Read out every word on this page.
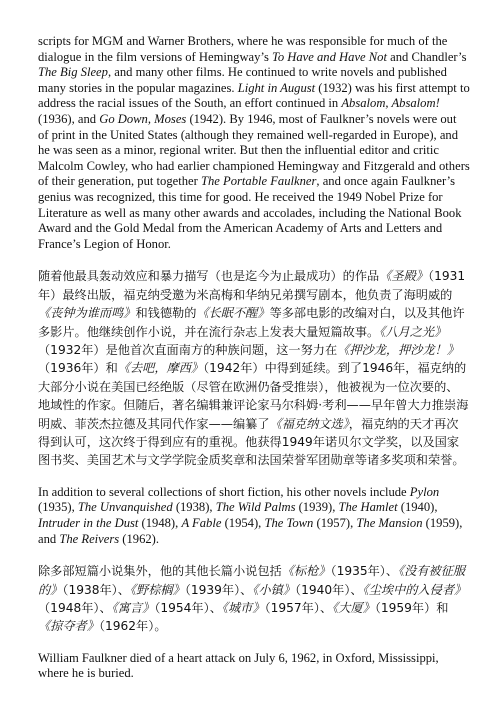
scripts for MGM and Warner Brothers, where he was responsible for much of the dialogue in the film versions of Hemingway’s To Have and Have Not and Chandler’s The Big Sleep, and many other films. He continued to write novels and published many stories in the popular magazines. Light in August (1932) was his first attempt to address the racial issues of the South, an effort continued in Absalom, Absalom! (1936), and Go Down, Moses (1942). By 1946, most of Faulkner’s novels were out of print in the United States (although they remained well-regarded in Europe), and he was seen as a minor, regional writer. But then the influential editor and critic Malcolm Cowley, who had earlier championed Hemingway and Fitzgerald and others of their generation, put together The Portable Faulkner, and once again Faulkner’s genius was recognized, this time for good. He received the 1949 Nobel Prize for Literature as well as many other awards and accolades, including the National Book Award and the Gold Medal from the American Academy of Arts and Letters and France’s Legion of Honor.

随着他最具轰动效应和暴力描写（也是迄今为止最成功）的作品《圣殿》（1931年）最终出版，福克纳受邀为米高梅和华纳兄弟撰写剧本，他负责了海明威的《丧钟为谁而鸣》和钱德勒的《长眠不醒》等多部电影的改编对白，以及其他许多影片。他继续创作小说，并在流行杂志上发表大量短篇故事。《八月之光》（1932年）是他首次直面南方的种族问题，这一努力在《押沙龙，押沙龙！》（1936年）和《去吧，摩西》（1942年）中得到延续。到了1946年，福克纳的大部分小说在美国已经绝版（尽管在欧洲仍备受推崇），他被视为一位次要的、地域性的作家。但随后，著名编辑兼评论家马尔科姆·考利——早年曾大力推崇海明威、菲茨杰拉德及其同代作家——编纂了《福克纳文选》，福克纳的天才再次得到认可，这次终于得到应有的重视。他获得1949年诺贝尔文学奖，以及国家图书奖、美国艺术与文学学院金质奖章和法国荣誉军团勋章等诸多奖项和荣誉。

In addition to several collections of short fiction, his other novels include Pylon (1935), The Unvanquished (1938), The Wild Palms (1939), The Hamlet (1940), Intruder in the Dust (1948), A Fable (1954), The Town (1957), The Mansion (1959), and The Reivers (1962).

除多部短篇小说集外，他的其他长篇小说包括《标枪》（1935年）、《没有被征服的》（1938年）、《野棕榈》（1939年）、《小镇》（1940年）、《尘埃中的入侵者》（1948年）、《寓言》（1954年）、《城市》（1957年）、《大厦》（1959年）和《掠夺者》（1962年）。

William Faulkner died of a heart attack on July 6, 1962, in Oxford, Mississippi, where he is buried.
